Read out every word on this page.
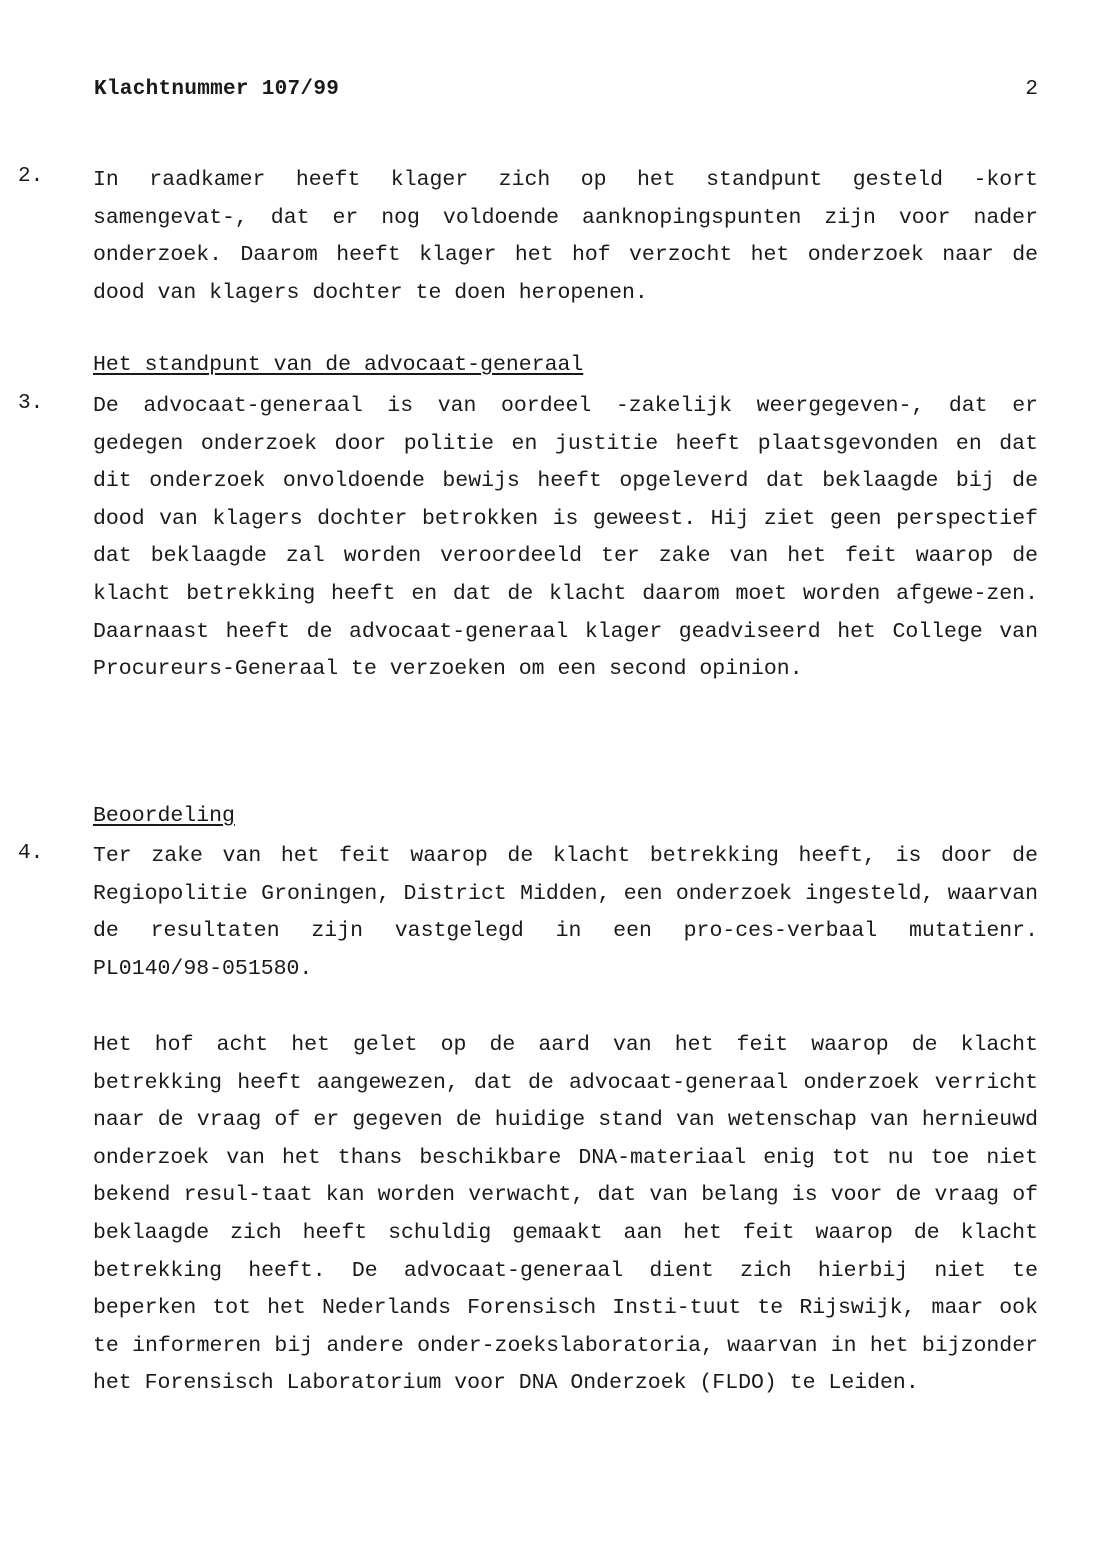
Klachtnummer 107/99	2
2. In raadkamer heeft klager zich op het standpunt gesteld -kort samengevat-, dat er nog voldoende aanknopingspunten zijn voor nader onderzoek. Daarom heeft klager het hof verzocht het onderzoek naar de dood van klagers dochter te doen heropenen.
Het standpunt van de advocaat-generaal
3. De advocaat-generaal is van oordeel -zakelijk weergegeven-, dat er gedegen onderzoek door politie en justitie heeft plaatsgevonden en dat dit onderzoek onvoldoende bewijs heeft opgeleverd dat beklaagde bij de dood van klagers dochter betrokken is geweest. Hij ziet geen perspectief dat beklaagde zal worden veroordeeld ter zake van het feit waarop de klacht betrekking heeft en dat de klacht daarom moet worden afgewe-zen. Daarnaast heeft de advocaat-generaal klager geadviseerd het College van Procureurs-Generaal te verzoeken om een second opinion.
Beoordeling
4. Ter zake van het feit waarop de klacht betrekking heeft, is door de Regiopolitie Groningen, District Midden, een onderzoek ingesteld, waarvan de resultaten zijn vastgelegd in een pro-ces-verbaal mutatienr. PL0140/98-051580.
Het hof acht het gelet op de aard van het feit waarop de klacht betrekking heeft aangewezen, dat de advocaat-generaal onderzoek verricht naar de vraag of er gegeven de huidige stand van wetenschap van hernieuwd onderzoek van het thans beschikbare DNA-materiaal enig tot nu toe niet bekend resul-taat kan worden verwacht, dat van belang is voor de vraag of beklaagde zich heeft schuldig gemaakt aan het feit waarop de klacht betrekking heeft. De advocaat-generaal dient zich hierbij niet te beperken tot het Nederlands Forensisch Insti-tuut te Rijswijk, maar ook te informeren bij andere onder-zoekslaboratoria, waarvan in het bijzonder het Forensisch Laboratorium voor DNA Onderzoek (FLDO) te Leiden.
